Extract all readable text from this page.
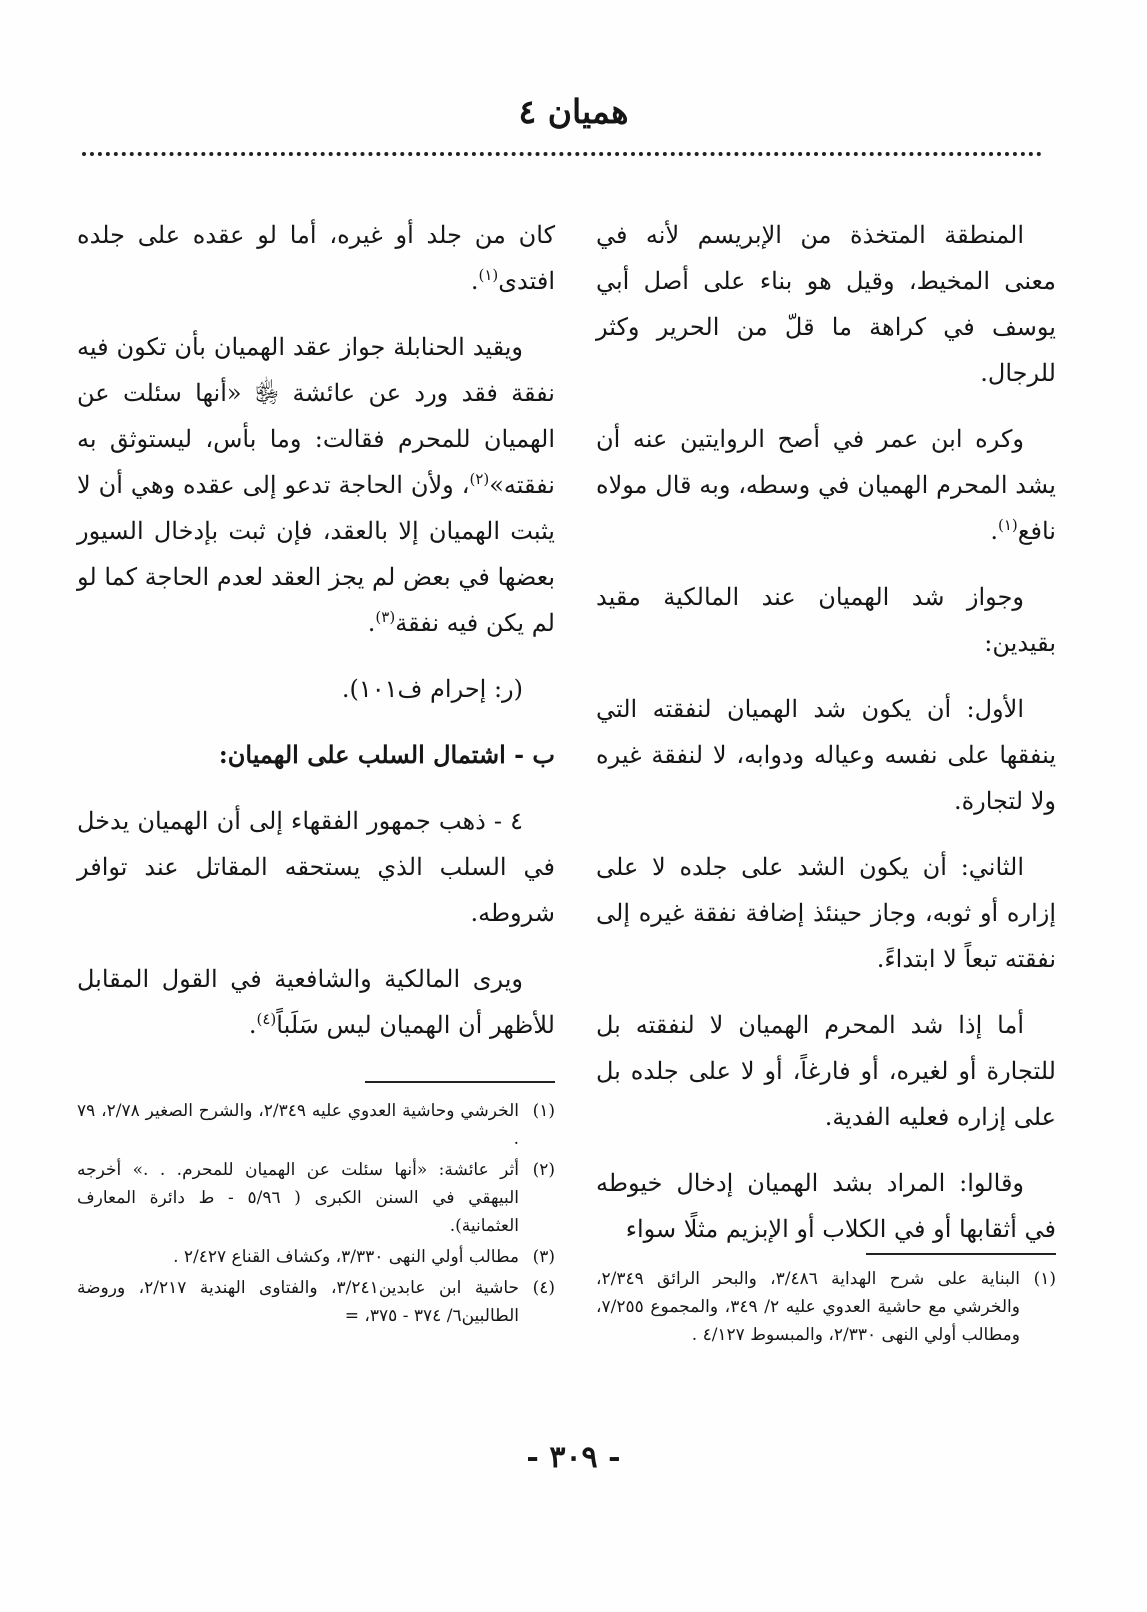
هميان ٤

المنطقة المتخذة من الإبريسم لأنه في معنى المخيط، وقيل هو بناء على أصل أبي يوسف في كراهة ما قلّ من الحرير وكثر للرجال.

وكره ابن عمر في أصح الروايتين عنه أن يشد المحرم الهميان في وسطه، وبه قال مولاه نافع$^{(١)}$.

وجواز شد الهميان عند المالكية مقيد بقيدين:

الأول: أن يكون شد الهميان لنفقته التي ينفقها على نفسه وعياله ودوابه، لا لنفقة غيره ولا لتجارة.

الثاني: أن يكون الشد على جلده لا على إزاره أو ثوبه، وجاز حينئذ إضافة نفقة غيره إلى نفقته تبعاً لا ابتداءً.

أما إذا شد المحرم الهميان لا لنفقته بل للتجارة أو لغيره، أو فارغاً، أو لا على جلده بل على إزاره فعليه الفدية.

وقالوا: المراد بشد الهميان إدخال خيوطه في أثقابها أو في الكلاب أو الإبزيم مثلًا سواء

(١)
البناية على شرح الهداية ٣/٤٨٦، والبحر الرائق ٢/٣٤٩، والخرشي مع حاشية العدوي عليه ٢/ ٣٤٩، والمجموع ٧/٢٥٥، ومطالب أولي النهى ٢/٣٣٠، والمبسوط ٤/١٢٧ .

كان من جلد أو غيره، أما لو عقده على جلده افتدى$^{(١)}$.

ويقيد الحنابلة جواز عقد الهميان بأن تكون فيه نفقة فقد ورد عن عائشة ﵂ «أنها سئلت عن الهميان للمحرم فقالت: وما بأس، ليستوثق به نفقته»$^{(٢)}$، ولأن الحاجة تدعو إلى عقده وهي أن لا يثبت الهميان إلا بالعقد، فإن ثبت بإدخال السيور بعضها في بعض لم يجز العقد لعدم الحاجة كما لو لم يكن فيه نفقة$^{(٣)}$.

(ر: إحرام ف١٠١).

ب - اشتمال السلب على الهميان:

٤ - ذهب جمهور الفقهاء إلى أن الهميان يدخل في السلب الذي يستحقه المقاتل عند توافر شروطه.

ويرى المالكية والشافعية في القول المقابل للأظهر أن الهميان ليس سَلَباً$^{(٤)}$.

(١)
الخرشي وحاشية العدوي عليه ٢/٣٤٩، والشرح الصغير ٢/٧٨، ٧٩ .
(٢)
أثر عائشة: «أنها سئلت عن الهميان للمحرم. . .» أخرجه البيهقي في السنن الكبرى ( ٥/٩٦ - ط دائرة المعارف العثمانية).
(٣)
مطالب أولي النهى ٣/٣٣٠، وكشاف القناع ٢/٤٢٧ .
(٤)
حاشية ابن عابدين٣/٢٤١، والفتاوى الهندية ٢/٢١٧، وروضة الطالبين٦/ ٣٧٤ - ٣٧٥، =
- ٣٠٩ -
